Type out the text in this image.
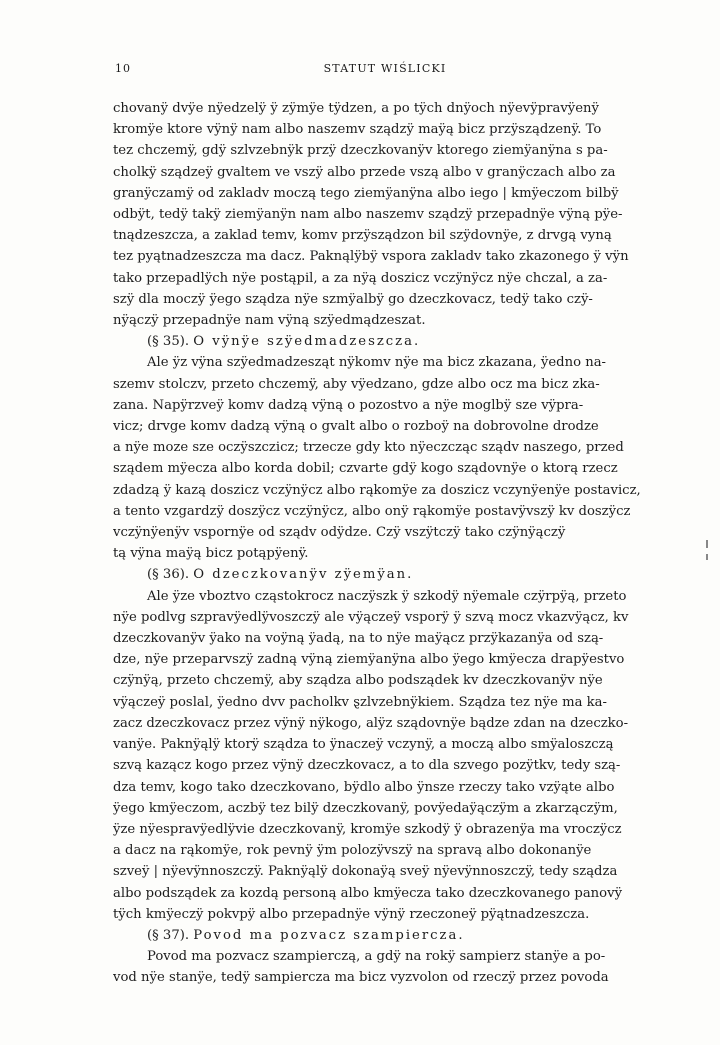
10	STATUT WIŚLICKI
chovanÿ dvÿe nÿedzelÿ ÿ zÿmÿe tÿdzen, a po tÿch dnÿoch nÿevÿpravÿenÿ
kromÿe ktore vÿnÿ nam albo naszemv sządzÿ maÿą bicz przÿsządzenÿ. To
tez chczemÿ, gdÿ szlvzebnÿk przÿ dzeczkovanÿv ktorego ziemÿanÿna s pa-
cholkÿ sządzeÿ gvaltem ve vszÿ albo przede vszą albo v granÿczach albo za
granÿczamÿ od zakladv moczą tego ziemÿanÿna albo iego | kmÿeczom bilbÿ
odbÿt, tedÿ takÿ ziemÿanÿn nam albo naszemv sządzÿ przepadnÿe vÿną pÿe-
tnądzeszcza, a zaklad temv, komv przÿsządzon bil szÿdovnÿe, z drvgą vyną
tez pyątnadzeszcza ma dacz. Paknąlÿbÿ vspora zakladv tako zkazonego ÿ vÿn
tako przepadlÿch nÿe postąpil, a za nÿą doszicz vczÿnÿcz nÿe chczal, a za-
szÿ dla moczÿ ÿego sządza nÿe szmÿalbÿ go dzeczkovacz, tedÿ tako czÿ-
nÿączÿ przepadnÿe nam vÿną szÿedmądzeszat.
(§ 35). O vÿnÿe szÿedmadzeszcza.
Ale ÿz vÿna szÿedmadzesząt nÿkomv nÿe ma bicz zkazana, ÿedno na-
szemv stolczv, przeto chczemÿ, aby vÿedzano, gdze albo ocz ma bicz zka-
zana. Napÿrzveÿ komv dadzą vÿną o pozostvo a nÿe moglbÿ sze vÿpra-
vicz; drvge komv dadzą vÿną o gvalt albo o rozboÿ na dobrovolne drodze
a nÿe moze sze oczÿszczicz; trzecze gdy kto nÿeczcząc sządv naszego, przed
sządem mÿecza albo korda dobil; czvarte gdÿ kogo sządovnÿe o ktorą rzecz
zdadzą ÿ kazą doszicz vczÿnÿcz albo rąkomÿe za doszicz vczynÿenÿe postavicz,
a tento vzgardzÿ doszÿcz vczÿnÿcz, albo onÿ rąkomÿe postavÿvszÿ kv doszÿcz
vczÿnÿenÿv vspornÿe od sządv odÿdze. Czÿ vszÿtczÿ tako czÿnÿączÿ
tą vÿna maÿą bicz potąpÿenÿ.
(§ 36). O dzeczkovanÿv zÿemÿan.
Ale ÿze vboztvo cząstokrocz naczÿszk ÿ szkodÿ nÿemale czÿrpÿą, przeto
nÿe podlvg szpravÿedlÿvoszczÿ ale vÿączeÿ vsporÿ ÿ szvą mocz vkazvÿącz, kv
dzeczkovanÿv ÿako na voÿną ÿadą, na to nÿe maÿącz przÿkazanÿa od szą-
dze, nÿe przeparvszÿ zadną vÿną ziemÿanÿna albo ÿego kmÿecza drapÿestvo
czÿnÿą, przeto chczemÿ, aby sządza albo podsządek kv dzeczkovanÿv nÿe
vÿączeÿ poslal, ÿedno dvv pacholkv ȿzlvzebnÿkiem. Sządza tez nÿe ma ka-
zacz dzeczkovacz przez vÿnÿ nÿkogo, alÿz sządovnÿe bądze zdan na dzeczko-
vanÿe. Paknÿąlÿ ktorÿ sządza to ÿnaczeÿ vczynÿ, a moczą albo smÿaloszczą
szvą kazącz kogo przez vÿnÿ dzeczkovacz, a to dla szvego pozÿtkv, tedy szą-
dza temv, kogo tako dzeczkovano, bÿdlo albo ÿnsze rzeczy tako vzÿąte albo
ÿego kmÿeczom, aczbÿ tez bilÿ dzeczkovanÿ, povÿedaÿączÿm a zkarzączÿm,
ÿze nÿespravÿedlÿvie dzeczkovanÿ, kromÿe szkodÿ ÿ obrazenÿa ma vroczÿcz
a dacz na rąkomÿe, rok pevnÿ ÿm polozÿvszÿ na spravą albo dokonanÿe
szveÿ | nÿevÿnnoszczÿ. Paknÿąlÿ dokonaÿą sveÿ nÿevÿnnoszczÿ, tedy sządza
albo podsządek za kozdą personą albo kmÿecza tako dzeczkovanego panovÿ
tÿch kmÿeczÿ pokvpÿ albo przepadnÿe vÿnÿ rzeczoneÿ pÿątnadzeszcza.
(§ 37). Povod ma pozvacz szampiercza.
Povod ma pozvacz szampierczą, a gdÿ na rokÿ sampierz stanÿe a po-
vod nÿe stanÿe, tedÿ sampiercza ma bicz vyzvolon od rzeczÿ przez povoda
